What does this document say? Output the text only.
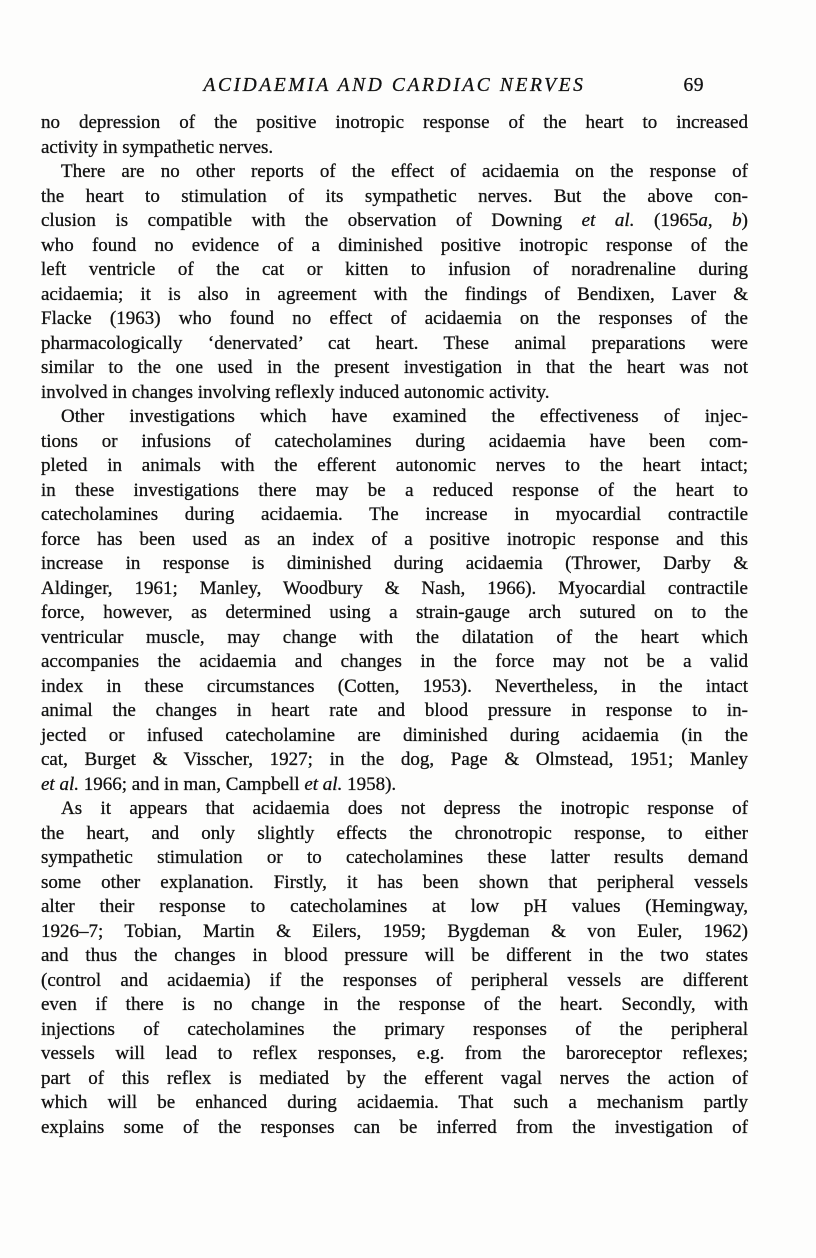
ACIDAEMIA AND CARDIAC NERVES	69
no depression of the positive inotropic response of the heart to increased
activity in sympathetic nerves.
There are no other reports of the effect of acidaemia on the response of
the heart to stimulation of its sympathetic nerves. But the above con-
clusion is compatible with the observation of Downing et al. (1965a, b)
who found no evidence of a diminished positive inotropic response of the
left ventricle of the cat or kitten to infusion of noradrenaline during
acidaemia; it is also in agreement with the findings of Bendixen, Laver &
Flacke (1963) who found no effect of acidaemia on the responses of the
pharmacologically ‘denervated’ cat heart. These animal preparations were
similar to the one used in the present investigation in that the heart was not
involved in changes involving reflexly induced autonomic activity.
Other investigations which have examined the effectiveness of injec-
tions or infusions of catecholamines during acidaemia have been com-
pleted in animals with the efferent autonomic nerves to the heart intact;
in these investigations there may be a reduced response of the heart to
catecholamines during acidaemia. The increase in myocardial contractile
force has been used as an index of a positive inotropic response and this
increase in response is diminished during acidaemia (Thrower, Darby &
Aldinger, 1961; Manley, Woodbury & Nash, 1966). Myocardial contractile
force, however, as determined using a strain-gauge arch sutured on to the
ventricular muscle, may change with the dilatation of the heart which
accompanies the acidaemia and changes in the force may not be a valid
index in these circumstances (Cotten, 1953). Nevertheless, in the intact
animal the changes in heart rate and blood pressure in response to in-
jected or infused catecholamine are diminished during acidaemia (in the
cat, Burget & Visscher, 1927; in the dog, Page & Olmstead, 1951; Manley
et al. 1966; and in man, Campbell et al. 1958).
As it appears that acidaemia does not depress the inotropic response of
the heart, and only slightly effects the chronotropic response, to either
sympathetic stimulation or to catecholamines these latter results demand
some other explanation. Firstly, it has been shown that peripheral vessels
alter their response to catecholamines at low pH values (Hemingway,
1926–7; Tobian, Martin & Eilers, 1959; Bygdeman & von Euler, 1962)
and thus the changes in blood pressure will be different in the two states
(control and acidaemia) if the responses of peripheral vessels are different
even if there is no change in the response of the heart. Secondly, with
injections of catecholamines the primary responses of the peripheral
vessels will lead to reflex responses, e.g. from the baroreceptor reflexes;
part of this reflex is mediated by the efferent vagal nerves the action of
which will be enhanced during acidaemia. That such a mechanism partly
explains some of the responses can be inferred from the investigation of
